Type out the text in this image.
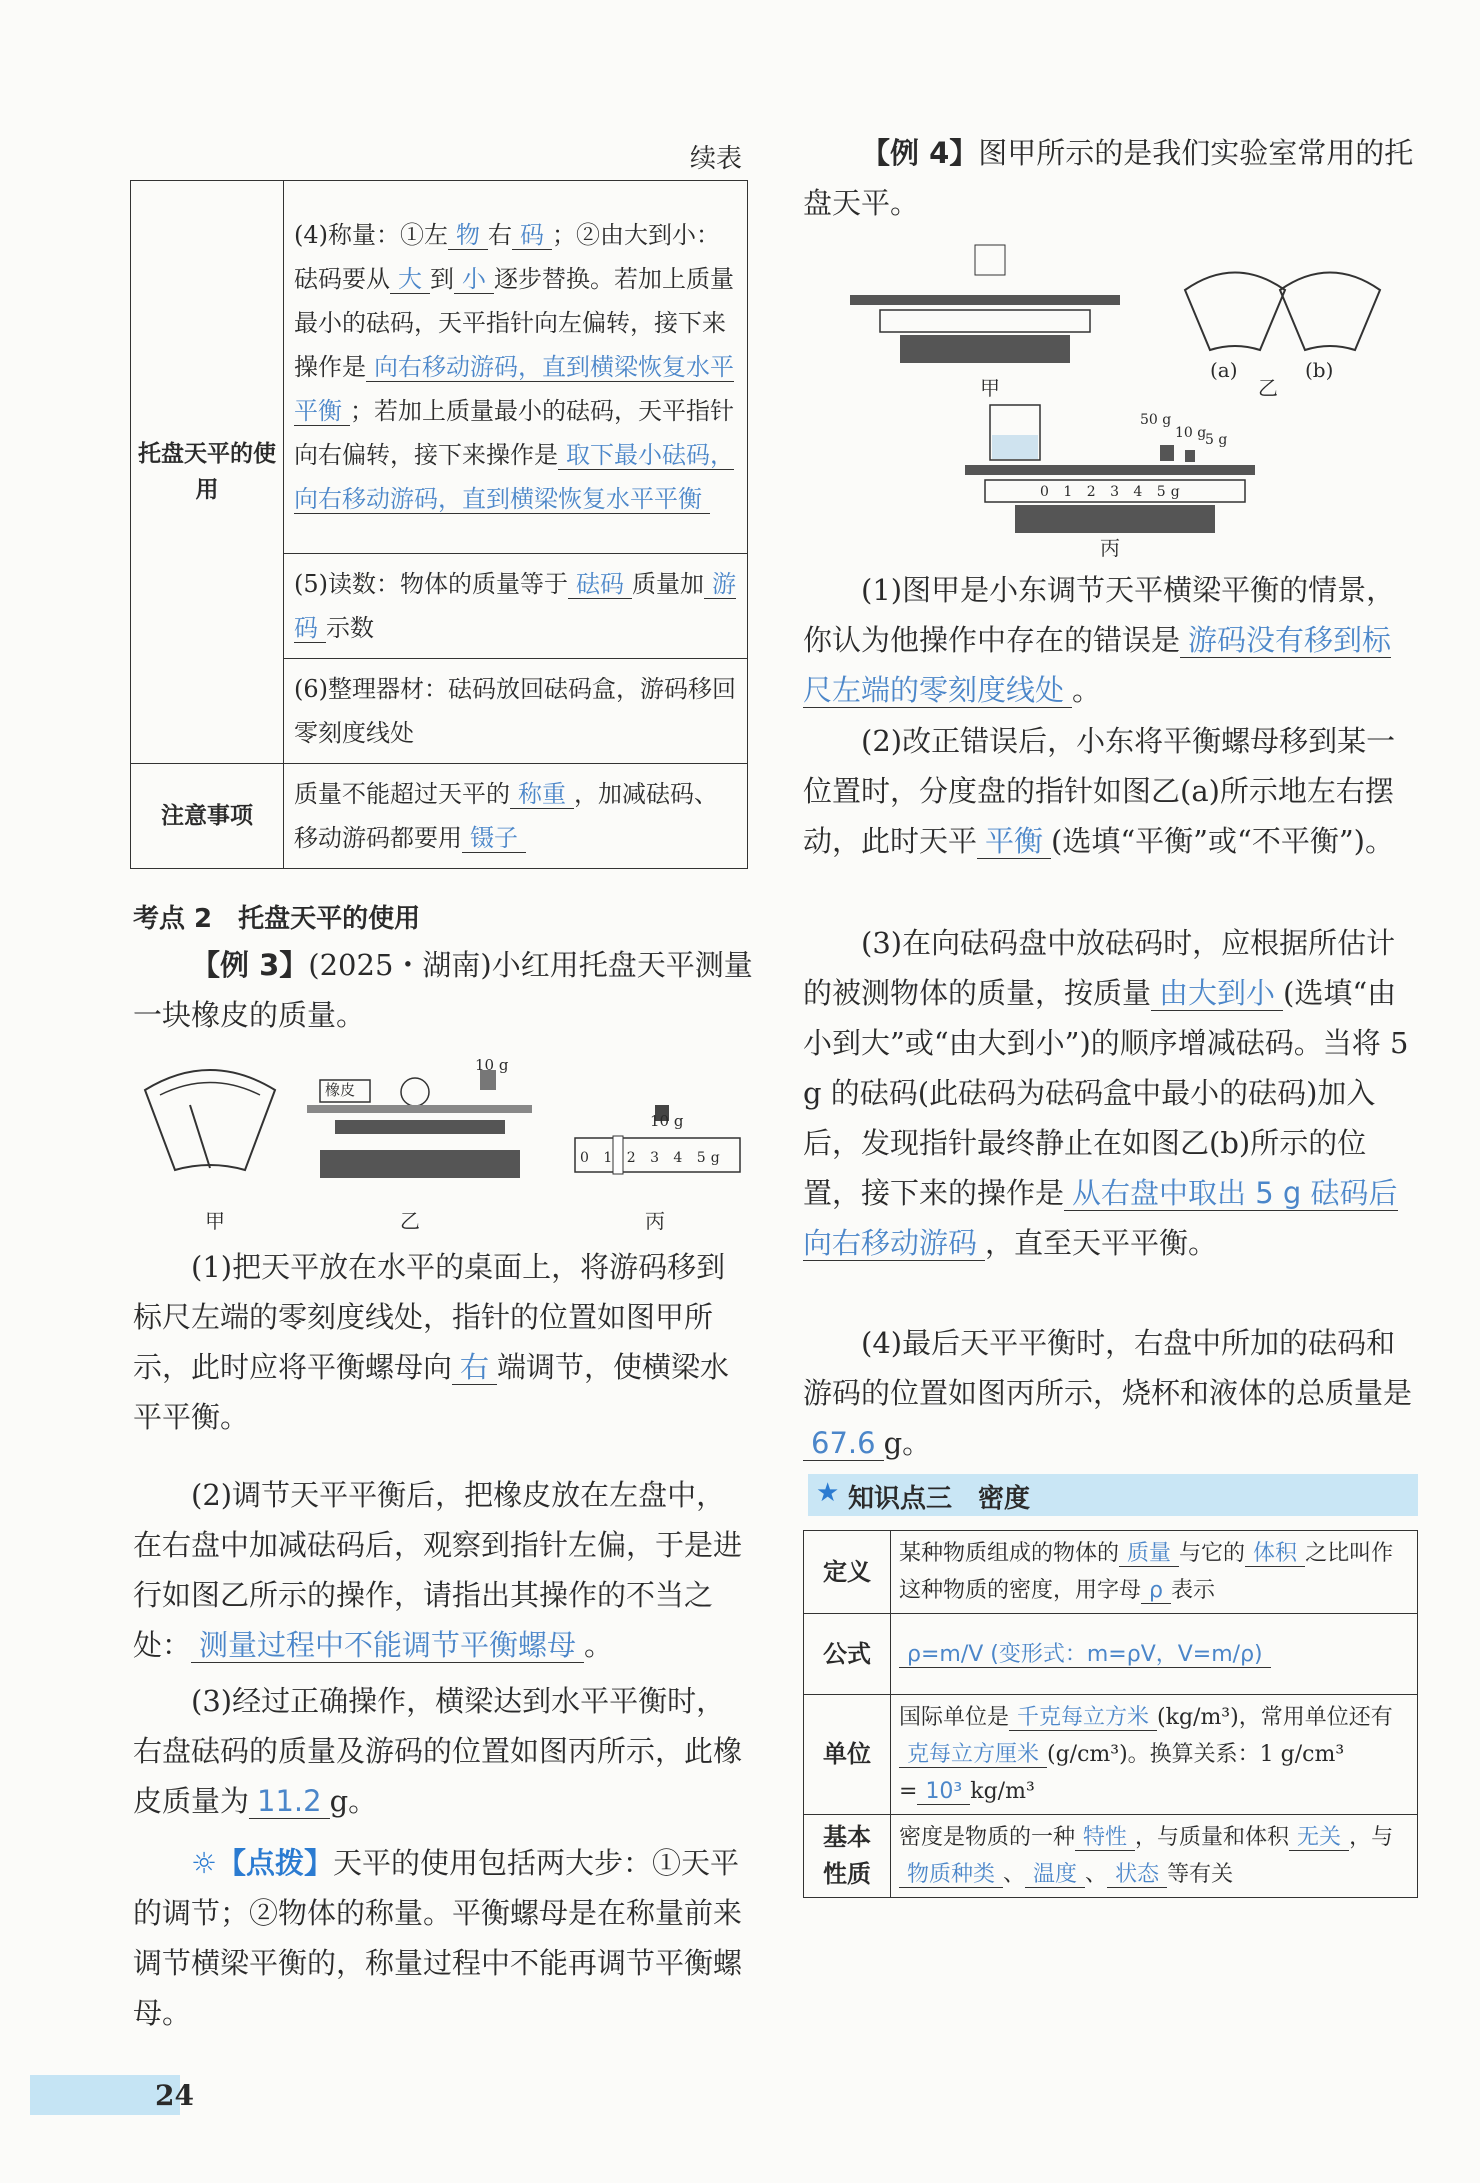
续表
托盘天平的使用	(4)称量：①左 物 右 码 ；②由大到小：砝码要从 大 到 小 逐步替换。若加上质量最小的砝码，天平指针向左偏转，接下来操作是 向右移动游码，直到横梁恢复水平平衡 ；若加上质量最小的砝码，天平指针向右偏转，接下来操作是 取下最小砝码，向右移动游码，直到横梁恢复水平平衡
	(5)读数：物体的质量等于 砝码 质量加 游码 示数
	(6)整理器材：砝码放回砝码盒，游码移回零刻度线处
注意事项	质量不能超过天平的 称重 ，加减砝码、移动游码都要用 镊子
考点 2　托盘天平的使用
【例 3】(2025・湖南)小红用托盘天平测量一块橡皮的质量。
橡皮
10 g
10 g
0 1 2 3 4 5g
甲	乙	丙
(1)把天平放在水平的桌面上，将游码移到标尺左端的零刻度线处，指针的位置如图甲所示，此时应将平衡螺母向 右 端调节，使横梁水平平衡。
(2)调节天平平衡后，把橡皮放在左盘中，在右盘中加减砝码后，观察到指针左偏，于是进行如图乙所示的操作，请指出其操作的不当之处： 测量过程中不能调节平衡螺母 。
(3)经过正确操作，横梁达到水平平衡时，右盘砝码的质量及游码的位置如图丙所示，此橡皮质量为 11.2 g。
☼【点拨】天平的使用包括两大步：①天平的调节；②物体的称量。平衡螺母是在称量前来调节横梁平衡的，称量过程中不能再调节平衡螺母。
【例 4】图甲所示的是我们实验室常用的托盘天平。
甲
(a)
乙
(b)
50 g
10 g
5 g
0 1 2 3 4 5g
丙
(1)图甲是小东调节天平横梁平衡的情景，你认为他操作中存在的错误是 游码没有移到标尺左端的零刻度线处 。
(2)改正错误后，小东将平衡螺母移到某一位置时，分度盘的指针如图乙(a)所示地左右摆动，此时天平 平衡 (选填“平衡”或“不平衡”)。
(3)在向砝码盘中放砝码时，应根据所估计的被测物体的质量，按质量 由大到小 (选填“由小到大”或“由大到小”)的顺序增减砝码。当将 5 g 的砝码(此砝码为砝码盒中最小的砝码)加入后，发现指针最终静止在如图乙(b)所示的位置，接下来的操作是 从右盘中取出 5 g 砝码后向右移动游码 ，直至天平平衡。
(4)最后天平平衡时，右盘中所加的砝码和游码的位置如图丙所示，烧杯和液体的总质量是67.6 g。
★ 知识点三　密度
定义	某种物质组成的物体的 质量 与它的 体积 之比叫作这种物质的密度，用字母 ρ 表示
公式	ρ=m/V (变形式：m=ρV，V=m/ρ)
单位	国际单位是 千克每立方米 (kg/m³)，常用单位还有克每立方厘米 (g/cm³)。换算关系：1 g/cm³ = 10³ kg/m³
基本性质	密度是物质的一种 特性 ，与质量和体积 无关 ，与物质种类 、 温度 、 状态 等有关
24
